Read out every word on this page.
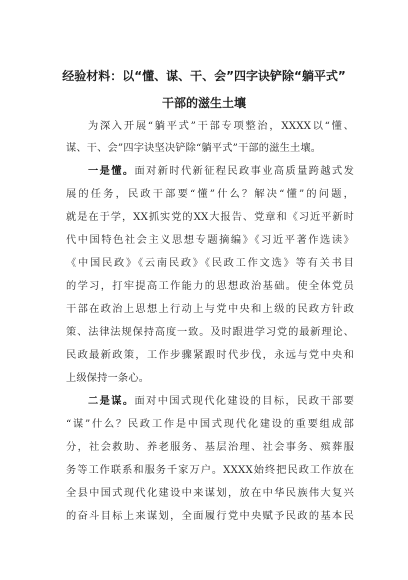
经验材料：以“懂、谋、干、会”四字诀铲除“躺平式”
干部的滋生土壤
为深入开展“躺平式”干部专项整治，XXXX以“懂、
谋、干、会”四字诀坚决铲除“躺平式”干部的滋生土壤。
一是懂。面对新时代新征程民政事业高质量跨越式发
展的任务，民政干部要“懂”什么？解决“懂”的问题，
就是在于学，XX抓实党的XX大报告、党章和《习近平新时
代中国特色社会主义思想专题摘编》《习近平著作选读》
《中国民政》《云南民政》《民政工作文选》等有关书目
的学习，打牢提高工作能力的思想政治基础。使全体党员
干部在政治上思想上行动上与党中央和上级的民政方针政
策、法律法规保持高度一致。及时跟进学习党的最新理论、
民政最新政策，工作步骤紧跟时代步伐，永远与党中央和
上级保持一条心。
二是谋。面对中国式现代化建设的目标，民政干部要
“谋”什么？民政工作是中国式现代化建设的重要组成部
分，社会救助、养老服务、基层治理、社会事务、殡葬服
务等工作联系和服务千家万户。XXXX始终把民政工作放在
全县中国式现代化建设中来谋划，放在中华民族伟大复兴
的奋斗目标上来谋划，全面履行党中央赋予民政的基本民
